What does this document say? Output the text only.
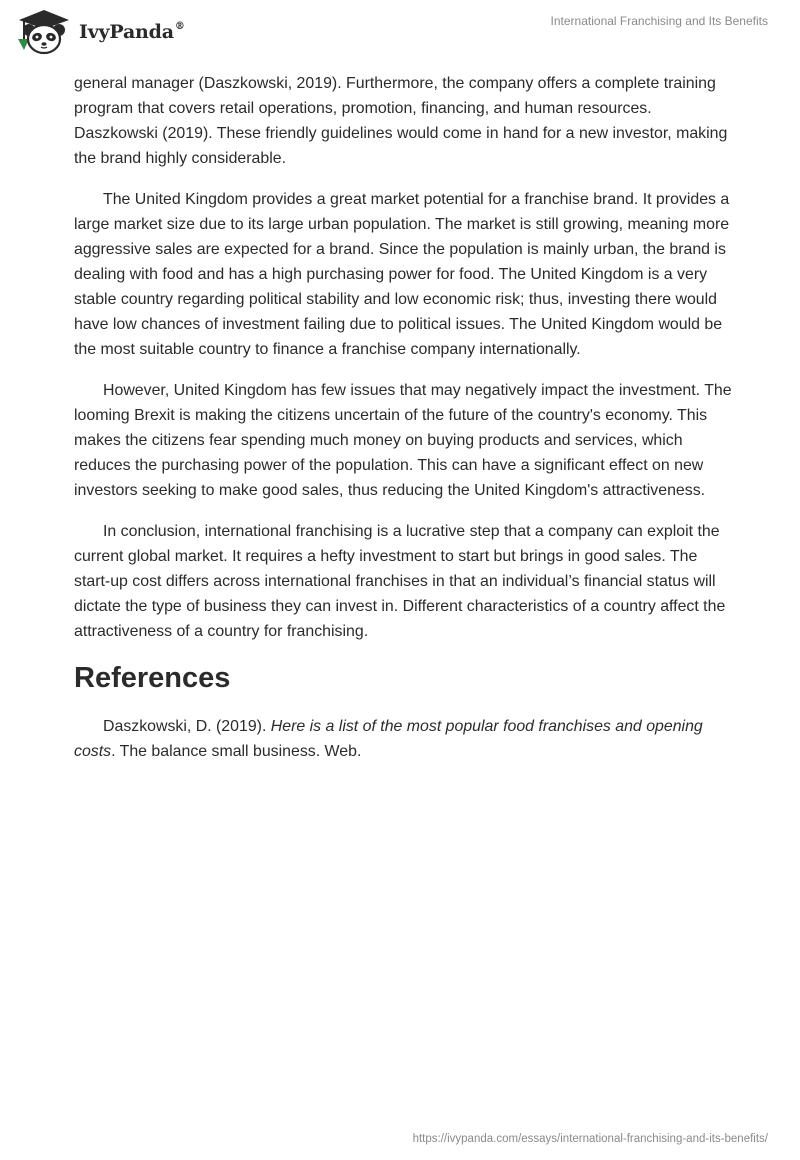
IvyPanda®	International Franchising and Its Benefits

general manager (Daszkowski, 2019). Furthermore, the company offers a complete training program that covers retail operations, promotion, financing, and human resources. Daszkowski (2019). These friendly guidelines would come in hand for a new investor, making the brand highly considerable.

The United Kingdom provides a great market potential for a franchise brand. It provides a large market size due to its large urban population. The market is still growing, meaning more aggressive sales are expected for a brand. Since the population is mainly urban, the brand is dealing with food and has a high purchasing power for food. The United Kingdom is a very stable country regarding political stability and low economic risk; thus, investing there would have low chances of investment failing due to political issues. The United Kingdom would be the most suitable country to finance a franchise company internationally.

However, United Kingdom has few issues that may negatively impact the investment. The looming Brexit is making the citizens uncertain of the future of the country's economy. This makes the citizens fear spending much money on buying products and services, which reduces the purchasing power of the population. This can have a significant effect on new investors seeking to make good sales, thus reducing the United Kingdom's attractiveness.

In conclusion, international franchising is a lucrative step that a company can exploit the current global market. It requires a hefty investment to start but brings in good sales. The start-up cost differs across international franchises in that an individual’s financial status will dictate the type of business they can invest in. Different characteristics of a country affect the attractiveness of a country for franchising.

References

Daszkowski, D. (2019). Here is a list of the most popular food franchises and opening costs. The balance small business. Web.

https://ivypanda.com/essays/international-franchising-and-its-benefits/
